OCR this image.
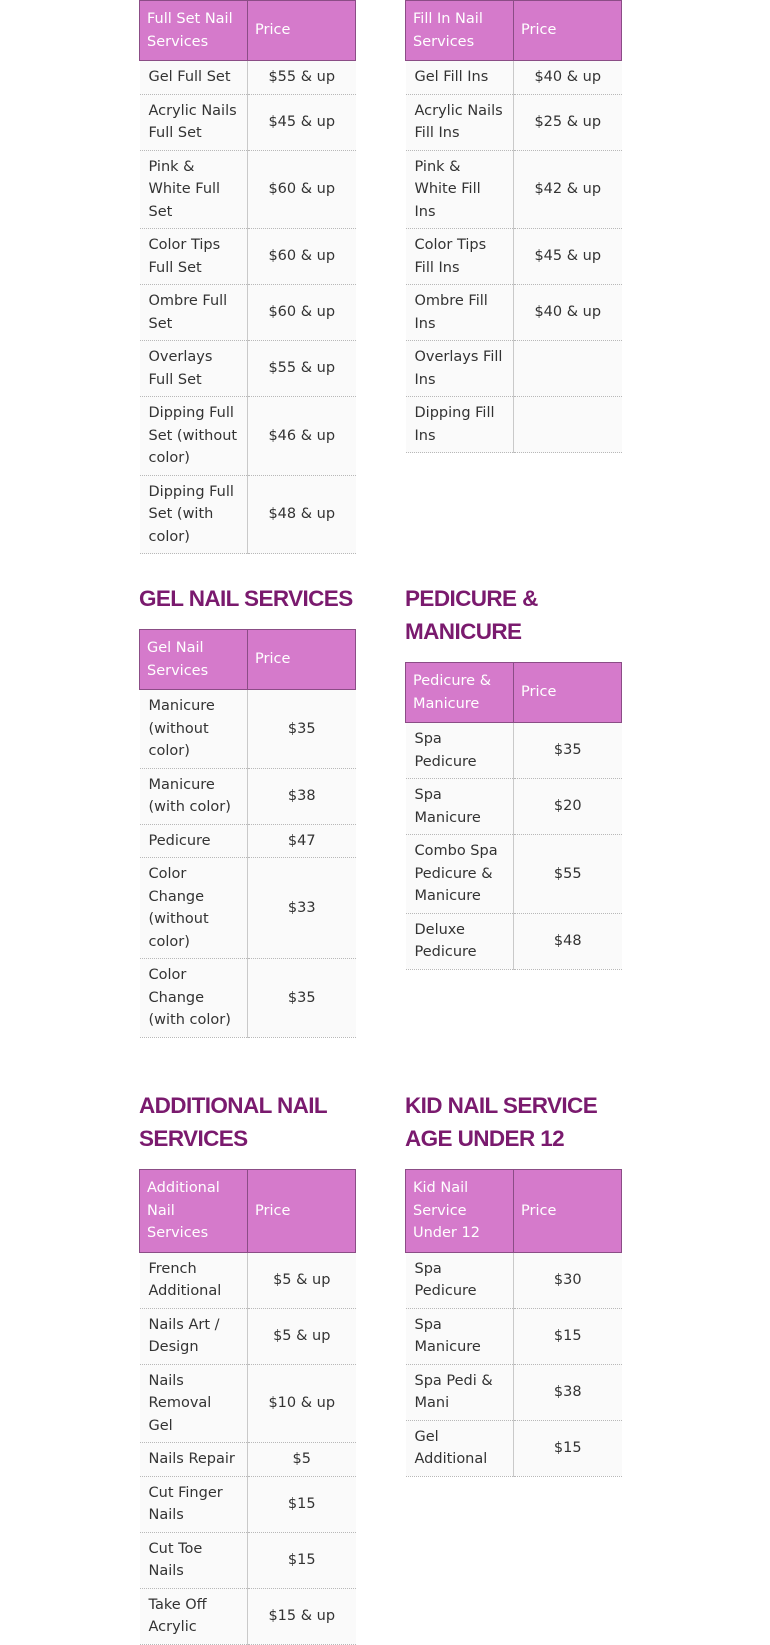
Full Set Nail Services	Price
Gel Full Set	$55 & up
Acrylic Nails Full Set	$45 & up
Pink & White Full Set	$60 & up
Color Tips Full Set	$60 & up
Ombre Full Set	$60 & up
Overlays Full Set	$55 & up
Dipping Full Set (without color)	$46 & up
Dipping Full Set (with color)	$48 & up
Fill In Nail Services	Price
Gel Fill Ins	$40 & up
Acrylic Nails Fill Ins	$25 & up
Pink & White Fill Ins	$42 & up
Color Tips Fill Ins	$45 & up
Ombre Fill Ins	$40 & up
Overlays Fill Ins	
Dipping Fill Ins	
GEL NAIL SERVICES
Gel Nail Services	Price
Manicure (without color)	$35
Manicure (with color)	$38
Pedicure	$47
Color Change (without color)	$33
Color Change (with color)	$35
PEDICURE & MANICURE
Pedicure & Manicure	Price
Spa Pedicure	$35
Spa Manicure	$20
Combo Spa Pedicure & Manicure	$55
Deluxe Pedicure	$48
ADDITIONAL NAIL SERVICES
Additional Nail Services	Price
French Additional	$5 & up
Nails Art / Design	$5 & up
Nails Removal Gel	$10 & up
Nails Repair	$5
Cut Finger Nails	$15
Cut Toe Nails	$15
Take Off Acrylic	$15 & up
KID NAIL SERVICE AGE UNDER 12
Kid Nail Service Under 12	Price
Spa Pedicure	$30
Spa Manicure	$15
Spa Pedi & Mani	$38
Gel Additional	$15
